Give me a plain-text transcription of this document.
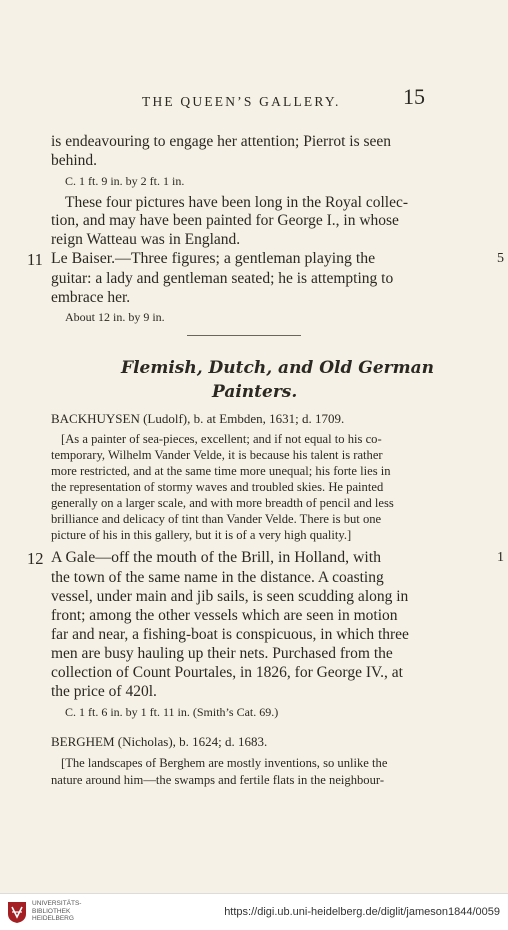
THE QUEEN’S GALLERY.	15
is endeavouring to engage her attention; Pierrot is seen
behind.
C. 1 ft. 9 in. by 2 ft. 1 in.
These four pictures have been long in the Royal collec-
tion, and may have been painted for George I., in whose
reign Watteau was in England.
11 Le Baiser.—Three figures; a gentleman playing the	5
guitar: a lady and gentleman seated; he is attempting to
embrace her.
About 12 in. by 9 in.
Flemish, Dutch, and Old German
Painters.
BACKHUYSEN (Ludolf), b. at Embden, 1631; d. 1709.
[As a painter of sea-pieces, excellent; and if not equal to his co-
temporary, Wilhelm Vander Velde, it is because his talent is rather
more restricted, and at the same time more unequal; his forte lies in
the representation of stormy waves and troubled skies. He painted
generally on a larger scale, and with more breadth of pencil and less
brilliance and delicacy of tint than Vander Velde. There is but one
picture of his in this gallery, but it is of a very high quality.]
12 A Gale—off the mouth of the Brill, in Holland, with	1
the town of the same name in the distance. A coasting
vessel, under main and jib sails, is seen scudding along in
front; among the other vessels which are seen in motion
far and near, a fishing-boat is conspicuous, in which three
men are busy hauling up their nets. Purchased from the
collection of Count Pourtales, in 1826, for George IV., at
the price of 420l.
C. 1 ft. 6 in. by 1 ft. 11 in. (Smith’s Cat. 69.)
BERGHEM (Nicholas), b. 1624; d. 1683.
[The landscapes of Berghem are mostly inventions, so unlike the
nature around him—the swamps and fertile flats in the neighbour-
UNIVERSITÄTS-
BIBLIOTHEK
HEIDELBERG
https://digi.ub.uni-heidelberg.de/diglit/jameson1844/0059
